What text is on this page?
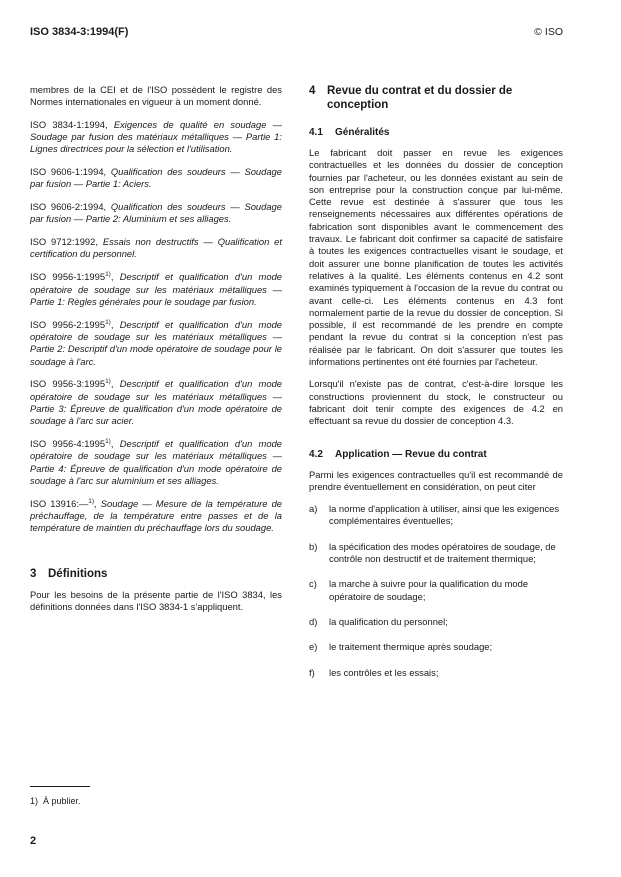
ISO 3834-3:1994(F)	© ISO

membres de la CEI et de l'ISO possèdent le registre des Normes internationales en vigueur à un moment donné.

ISO 3834-1:1994, Exigences de qualité en soudage — Soudage par fusion des matériaux métalliques — Partie 1: Lignes directrices pour la sélection et l'utilisation.

ISO 9606-1:1994, Qualification des soudeurs — Soudage par fusion — Partie 1: Aciers.

ISO 9606-2:1994, Qualification des soudeurs — Soudage par fusion — Partie 2: Aluminium et ses alliages.

ISO 9712:1992, Essais non destructifs — Qualification et certification du personnel.

ISO 9956-1:1995$^{1)}$, Descriptif et qualification d'un mode opératoire de soudage sur les matériaux métalliques — Partie 1: Règles générales pour le soudage par fusion.

ISO 9956-2:1995$^{1)}$, Descriptif et qualification d'un mode opératoire de soudage sur les matériaux métalliques — Partie 2: Descriptif d'un mode opératoire de soudage pour le soudage à l'arc.

ISO 9956-3:1995$^{1)}$, Descriptif et qualification d'un mode opératoire de soudage sur les matériaux métalliques — Partie 3: Épreuve de qualification d'un mode opératoire de soudage à l'arc sur acier.

ISO 9956-4:1995$^{1)}$, Descriptif et qualification d'un mode opératoire de soudage sur les matériaux métalliques — Partie 4: Épreuve de qualification d'un mode opératoire de soudage à l'arc sur aluminium et ses alliages.

ISO 13916:—$^{1)}$, Soudage — Mesure de la température de préchauffage, de la température entre passes et de la température de maintien du préchauffage lors du soudage.

3	Définitions

Pour les besoins de la présente partie de l'ISO 3834, les définitions données dans l'ISO 3834-1 s'appliquent.

4	Revue du contrat et du dossier de conception
4.1	Généralités

Le fabricant doit passer en revue les exigences contractuelles et les données du dossier de conception fournies par l'acheteur, ou les données existant au sein de son entreprise pour la construction conçue par lui-même. Cette revue est destinée à s'assurer que tous les renseignements nécessaires aux différentes opérations de fabrication sont disponibles avant le commencement des travaux. Le fabricant doit confirmer sa capacité de satisfaire à toutes les exigences contractuelles visant le soudage, et doit assurer une bonne planification de toutes les activités relatives à la qualité. Les éléments contenus en 4.2 sont examinés typiquement à l'occasion de la revue du contrat ou avant celle-ci. Les éléments contenus en 4.3 font normalement partie de la revue du dossier de conception. Si possible, il est recommandé de les prendre en compte pendant la revue du contrat si la conception n'est pas réalisée par le fabricant. On doit s'assurer que toutes les informations pertinentes ont été fournies par l'acheteur.

Lorsqu'il n'existe pas de contrat, c'est-à-dire lorsque les constructions proviennent du stock, le constructeur ou fabricant doit tenir compte des exigences de 4.2 en effectuant sa revue du dossier de conception 4.3.

4.2	Application — Revue du contrat

Parmi les exigences contractuelles qu'il est recommandé de prendre éventuellement en considération, on peut citer

a)	la norme d'application à utiliser, ainsi que les exigences complémentaires éventuelles;
b)	la spécification des modes opératoires de soudage, de contrôle non destructif et de traitement thermique;
c)	la marche à suivre pour la qualification du mode opératoire de soudage;
d)	la qualification du personnel;
e)	le traitement thermique après soudage;
f)	les contrôles et les essais;
1) À publier.
2
